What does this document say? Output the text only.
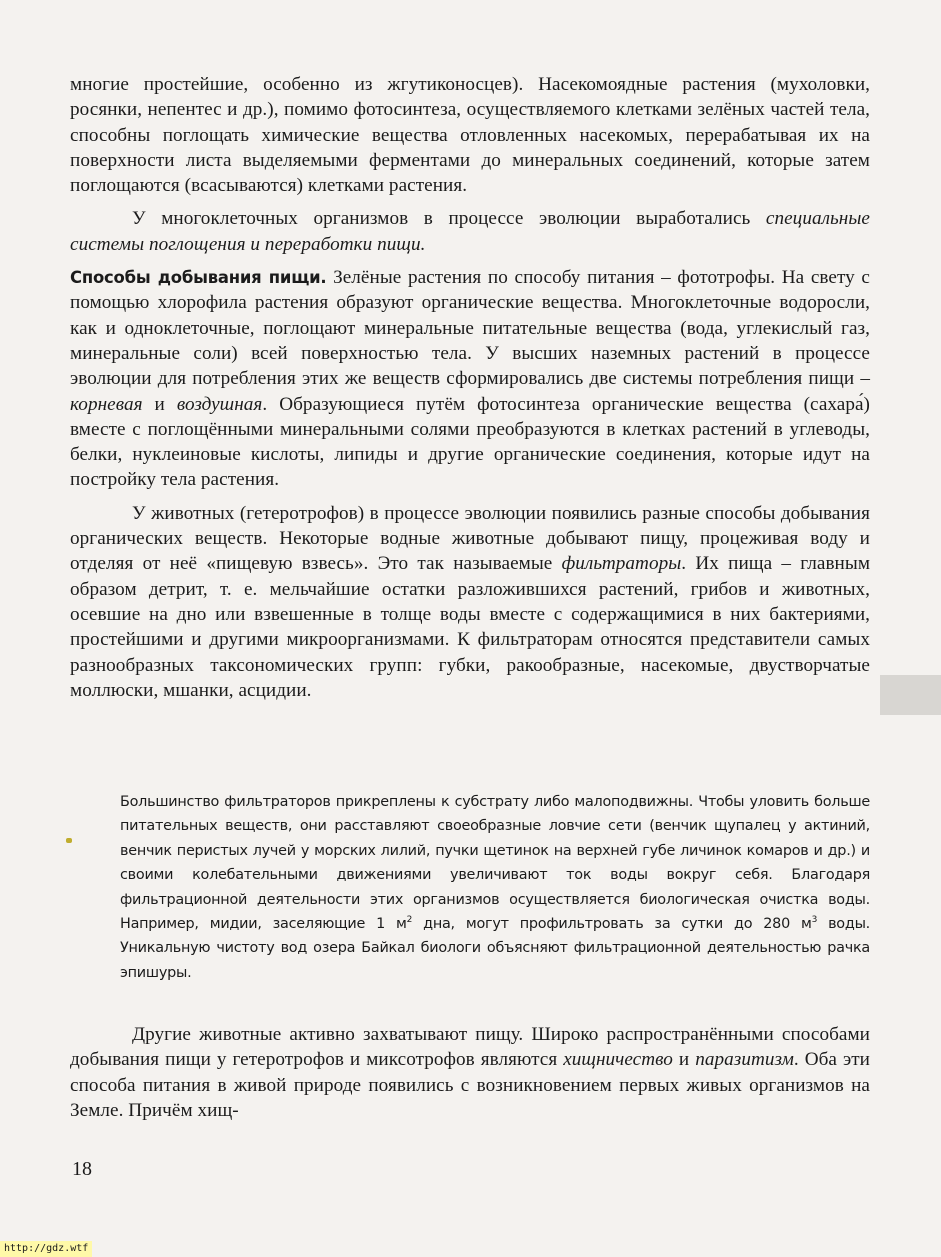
многие простейшие, особенно из жгутиконосцев). Насекомоядные растения (мухоловки, росянки, непентес и др.), помимо фотосинтеза, осуществляемого клетками зелёных частей тела, способны поглощать химические вещества отловленных насекомых, перерабатывая их на поверхности листа выделяемыми ферментами до минеральных соединений, которые затем поглощаются (всасываются) клетками растения.

У многоклеточных организмов в процессе эволюции выработались специальные системы поглощения и переработки пищи.

Способы добывания пищи. Зелёные растения по способу питания – фототрофы. На свету с помощью хлорофила растения образуют органические вещества. Многоклеточные водоросли, как и одноклеточные, поглощают минеральные питательные вещества (вода, углекислый газ, минеральные соли) всей поверхностью тела. У высших наземных растений в процессе эволюции для потребления этих же веществ сформировались две системы потребления пищи – корневая и воздушная. Образующиеся путём фотосинтеза органические вещества (сахара́) вместе с поглощёнными минеральными солями преобразуются в клетках растений в углеводы, белки, нуклеиновые кислоты, липиды и другие органические соединения, которые идут на постройку тела растения.

У животных (гетеротрофов) в процессе эволюции появились разные способы добывания органических веществ. Некоторые водные животные добывают пищу, процеживая воду и отделяя от неё «пищевую взвесь». Это так называемые фильтраторы. Их пища – главным образом детрит, т. е. мельчайшие остатки разложившихся растений, грибов и животных, осевшие на дно или взвешенные в толще воды вместе с содержащимися в них бактериями, простейшими и другими микроорганизмами. К фильтраторам относятся представители самых разнообразных таксономических групп: губки, ракообразные, насекомые, двустворчатые моллюски, мшанки, асцидии.

Большинство фильтраторов прикреплены к субстрату либо малоподвижны. Чтобы уловить больше питательных веществ, они расставляют своеобразные ловчие сети (венчик щупалец у актиний, венчик перистых лучей у морских лилий, пучки щетинок на верхней губе личинок комаров и др.) и своими колебательными движениями увеличивают ток воды вокруг себя. Благодаря фильтрационной деятельности этих организмов осуществляется биологическая очистка воды. Например, мидии, заселяющие 1 $м^2$ дна, могут профильтровать за сутки до 280 $м^3$ воды. Уникальную чистоту вод озера Байкал биологи объясняют фильтрационной деятельностью рачка эпишуры.

Другие животные активно захватывают пищу. Широко распространёнными способами добывания пищи у гетеротрофов и миксотрофов являются хищничество и паразитизм. Оба эти способа питания в живой природе появились с возникновением первых живых организмов на Земле. Причём хищ-

18
http://gdz.wtf
